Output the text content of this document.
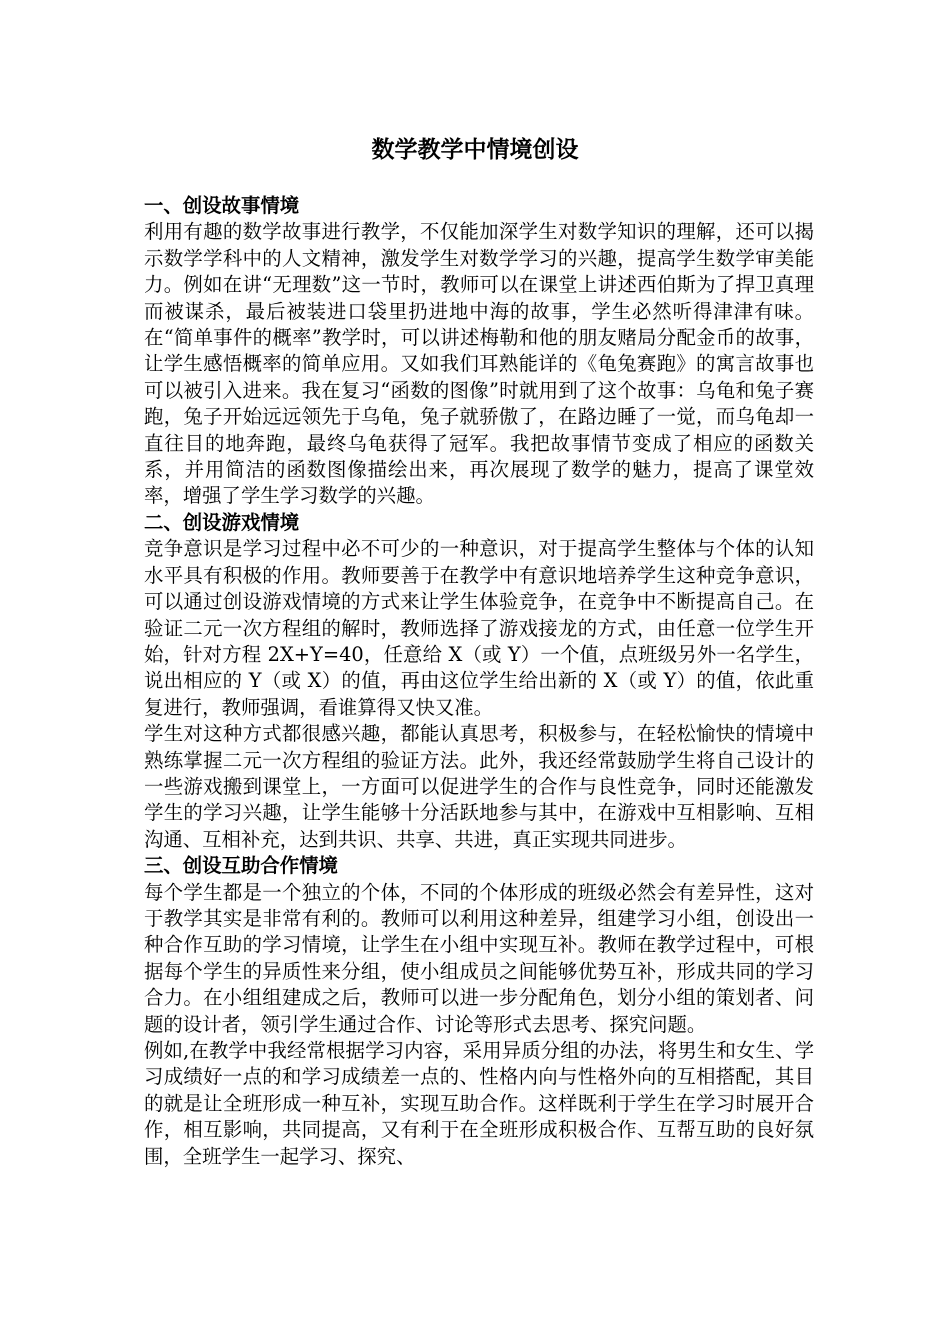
数学教学中情境创设

一、创设故事情境

利用有趣的数学故事进行教学，不仅能加深学生对数学知识的理解，还可以揭示数学学科中的人文精神，激发学生对数学学习的兴趣，提高学生数学审美能力。例如在讲“无理数”这一节时，教师可以在课堂上讲述西伯斯为了捍卫真理而被谋杀，最后被装进口袋里扔进地中海的故事，学生必然听得津津有味。在“简单事件的概率”教学时，可以讲述梅勒和他的朋友赌局分配金币的故事，让学生感悟概率的简单应用。又如我们耳熟能详的《龟兔赛跑》的寓言故事也可以被引入进来。我在复习“函数的图像”时就用到了这个故事：乌龟和兔子赛跑，兔子开始远远领先于乌龟，兔子就骄傲了，在路边睡了一觉，而乌龟却一直往目的地奔跑，最终乌龟获得了冠军。我把故事情节变成了相应的函数关系，并用简洁的函数图像描绘出来，再次展现了数学的魅力，提高了课堂效率，增强了学生学习数学的兴趣。

二、创设游戏情境

竞争意识是学习过程中必不可少的一种意识，对于提高学生整体与个体的认知水平具有积极的作用。教师要善于在教学中有意识地培养学生这种竞争意识，可以通过创设游戏情境的方式来让学生体验竞争，在竞争中不断提高自己。在验证二元一次方程组的解时，教师选择了游戏接龙的方式，由任意一位学生开始，针对方程 2X+Y=40，任意给 X（或 Y）一个值，点班级另外一名学生，说出相应的 Y（或 X）的值，再由这位学生给出新的 X（或 Y）的值，依此重复进行，教师强调，看谁算得又快又准。

学生对这种方式都很感兴趣，都能认真思考，积极参与，在轻松愉快的情境中熟练掌握二元一次方程组的验证方法。此外，我还经常鼓励学生将自己设计的一些游戏搬到课堂上，一方面可以促进学生的合作与良性竞争，同时还能激发学生的学习兴趣，让学生能够十分活跃地参与其中，在游戏中互相影响、互相沟通、互相补充，达到共识、共享、共进，真正实现共同进步。

三、创设互助合作情境

每个学生都是一个独立的个体，不同的个体形成的班级必然会有差异性，这对于教学其实是非常有利的。教师可以利用这种差异，组建学习小组，创设出一种合作互助的学习情境，让学生在小组中实现互补。教师在教学过程中，可根据每个学生的异质性来分组，使小组成员之间能够优势互补，形成共同的学习合力。在小组组建成之后，教师可以进一步分配角色，划分小组的策划者、问题的设计者，领引学生通过合作、讨论等形式去思考、探究问题。

例如,在教学中我经常根据学习内容，采用异质分组的办法，将男生和女生、学习成绩好一点的和学习成绩差一点的、性格内向与性格外向的互相搭配，其目的就是让全班形成一种互补，实现互助合作。这样既利于学生在学习时展开合作，相互影响，共同提高，又有利于在全班形成积极合作、互帮互助的良好氛围，全班学生一起学习、探究、
